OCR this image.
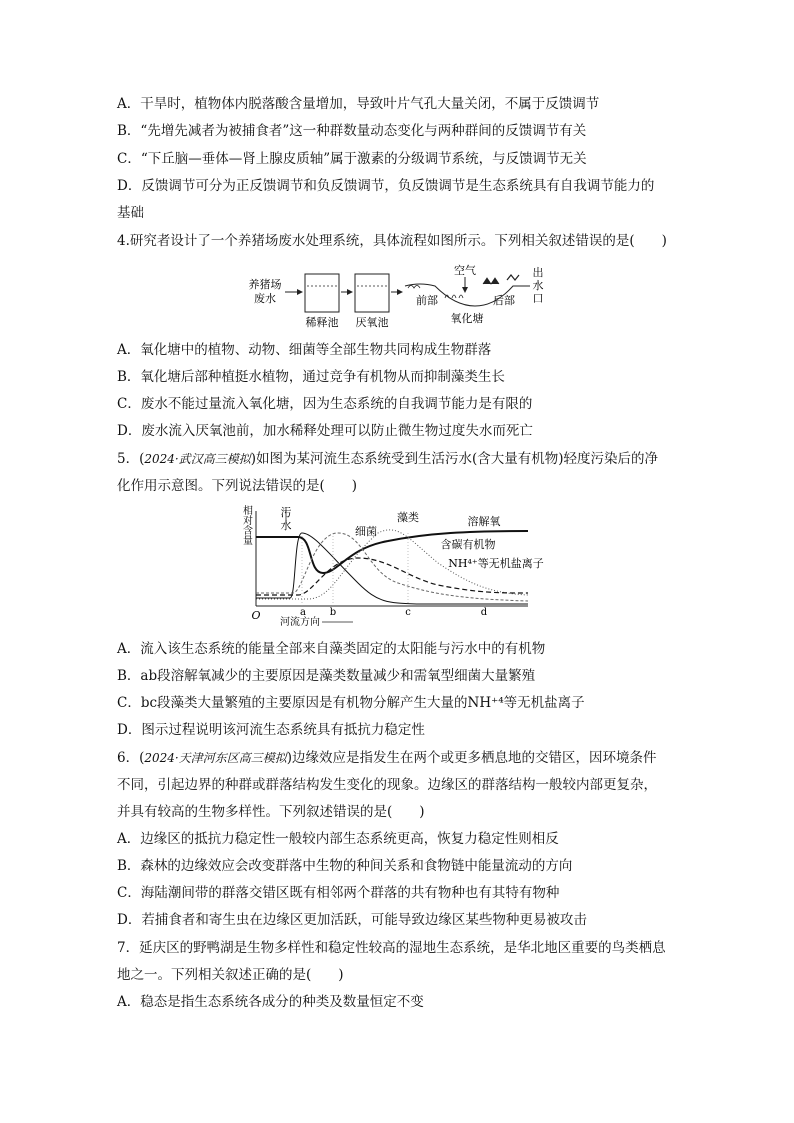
A．干旱时，植物体内脱落酸含量增加，导致叶片气孔大量关闭，不属于反馈调节
B．“先增先减者为被捕食者”这一种群数量动态变化与两种群间的反馈调节有关
C．“下丘脑—垂体—肾上腺皮质轴”属于激素的分级调节系统，与反馈调节无关
D．反馈调节可分为正反馈调节和负反馈调节，负反馈调节是生态系统具有自我调节能力的
基础
4.研究者设计了一个养猪场废水处理系统，具体流程如图所示。下列相关叙述错误的是(　　)
养猪场
废水
稀释池 厌氧池
空气
前部	后部
氧化塘
出
水
口
A．氧化塘中的植物、动物、细菌等全部生物共同构成生物群落
B．氧化塘后部种植挺水植物，通过竞争有机物从而抑制藻类生长
C．废水不能过量流入氧化塘，因为生态系统的自我调节能力是有限的
D．废水流入厌氧池前，加水稀释处理可以防止微生物过度失水而死亡
5．(2024·武汉高三模拟)如图为某河流生态系统受到生活污水(含大量有机物)轻度污染后的净
化作用示意图。下列说法错误的是(　　)
相对含量	污
水
O
河流方向
a b	c	d
细菌
藻类	溶解氧
含碳有机物
NH⁴⁺等无机盐离子
A．流入该生态系统的能量全部来自藻类固定的太阳能与污水中的有机物
B．ab段溶解氧减少的主要原因是藻类数量减少和需氧型细菌大量繁殖
C．bc段藻类大量繁殖的主要原因是有机物分解产生大量的NH⁺⁴等无机盐离子
D．图示过程说明该河流生态系统具有抵抗力稳定性
6．(2024·天津河东区高三模拟)边缘效应是指发生在两个或更多栖息地的交错区，因环境条件
不同，引起边界的种群或群落结构发生变化的现象。边缘区的群落结构一般较内部更复杂，
并具有较高的生物多样性。下列叙述错误的是(　　)
A．边缘区的抵抗力稳定性一般较内部生态系统更高，恢复力稳定性则相反
B．森林的边缘效应会改变群落中生物的种间关系和食物链中能量流动的方向
C．海陆潮间带的群落交错区既有相邻两个群落的共有物种也有其特有物种
D．若捕食者和寄生虫在边缘区更加活跃，可能导致边缘区某些物种更易被攻击
7．延庆区的野鸭湖是生物多样性和稳定性较高的湿地生态系统，是华北地区重要的鸟类栖息
地之一。下列相关叙述正确的是(　　)
A．稳态是指生态系统各成分的种类及数量恒定不变
